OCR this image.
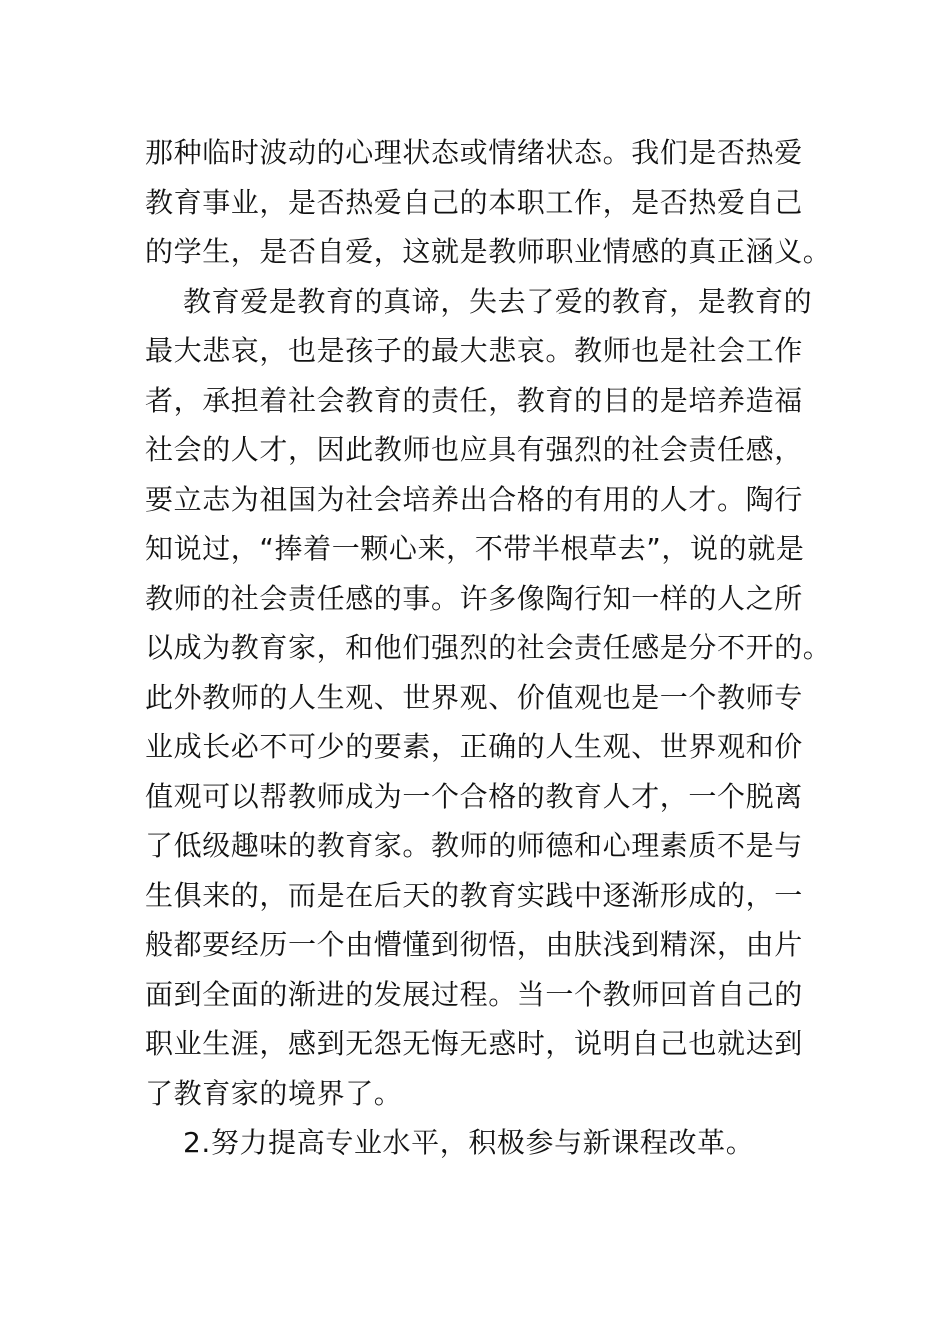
那种临时波动的心理状态或情绪状态。我们是否热爱
教育事业，是否热爱自己的本职工作，是否热爱自己
的学生，是否自爱，这就是教师职业情感的真正涵义。
教育爱是教育的真谛，失去了爱的教育，是教育的
最大悲哀，也是孩子的最大悲哀。教师也是社会工作
者，承担着社会教育的责任，教育的目的是培养造福
社会的人才，因此教师也应具有强烈的社会责任感，
要立志为祖国为社会培养出合格的有用的人才。陶行
知说过，“捧着一颗心来，不带半根草去”，说的就是
教师的社会责任感的事。许多像陶行知一样的人之所
以成为教育家，和他们强烈的社会责任感是分不开的。
此外教师的人生观、世界观、价值观也是一个教师专
业成长必不可少的要素，正确的人生观、世界观和价
值观可以帮教师成为一个合格的教育人才，一个脱离
了低级趣味的教育家。教师的师德和心理素质不是与
生俱来的，而是在后天的教育实践中逐渐形成的，一
般都要经历一个由懵懂到彻悟，由肤浅到精深，由片
面到全面的渐进的发展过程。当一个教师回首自己的
职业生涯，感到无怨无悔无惑时，说明自己也就达到
了教育家的境界了。
2.努力提高专业水平，积极参与新课程改革。
